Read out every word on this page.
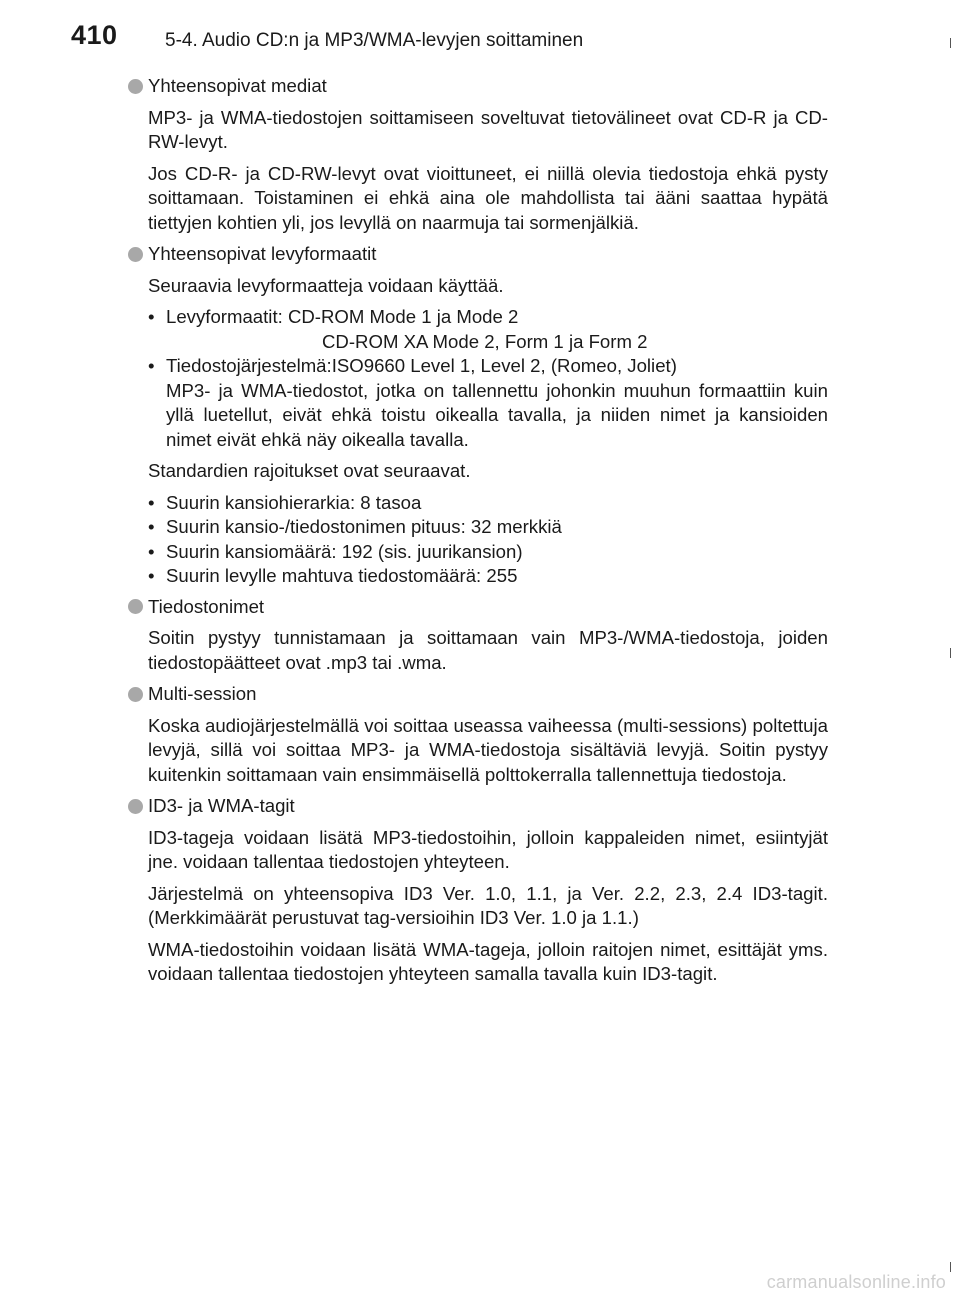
410 5-4. Audio CD:n ja MP3/WMA-levyjen soittaminen
Yhteensopivat mediat

MP3- ja WMA-tiedostojen soittamiseen soveltuvat tietovälineet ovat CD-R ja CD-RW-levyt.

Jos CD-R- ja CD-RW-levyt ovat vioittuneet, ei niillä olevia tiedostoja ehkä pysty soittamaan. Toistaminen ei ehkä aina ole mahdollista tai ääni saattaa hypätä tiettyjen kohtien yli, jos levyllä on naarmuja tai sormenjälkiä.

Yhteensopivat levyformaatit

Seuraavia levyformaatteja voidaan käyttää.

• Levyformaatit: CD-ROM Mode 1 ja Mode 2
CD-ROM XA Mode 2, Form 1 ja Form 2
• Tiedostojärjestelmä:ISO9660 Level 1, Level 2, (Romeo, Joliet)
MP3- ja WMA-tiedostot, jotka on tallennettu johonkin muuhun formaattiin kuin yllä luetellut, eivät ehkä toistu oikealla tavalla, ja niiden nimet ja kansioiden nimet eivät ehkä näy oikealla tavalla.

Standardien rajoitukset ovat seuraavat.

• Suurin kansiohierarkia: 8 tasoa
• Suurin kansio-/tiedostonimen pituus: 32 merkkiä
• Suurin kansiomäärä: 192 (sis. juurikansion)
• Suurin levylle mahtuva tiedostomäärä: 255
Tiedostonimet

Soitin pystyy tunnistamaan ja soittamaan vain MP3-/WMA-tiedostoja, joiden tiedostopäätteet ovat .mp3 tai .wma.

Multi-session

Koska audiojärjestelmällä voi soittaa useassa vaiheessa (multi-sessions) poltettuja levyjä, sillä voi soittaa MP3- ja WMA-tiedostoja sisältäviä levyjä. Soitin pystyy kuitenkin soittamaan vain ensimmäisellä polttokerralla tallennettuja tiedostoja.

ID3- ja WMA-tagit

ID3-tageja voidaan lisätä MP3-tiedostoihin, jolloin kappaleiden nimet, esiintyjät jne. voidaan tallentaa tiedostojen yhteyteen.

Järjestelmä on yhteensopiva ID3 Ver. 1.0, 1.1, ja Ver. 2.2, 2.3, 2.4 ID3-tagit. (Merkkimäärät perustuvat tag-versioihin ID3 Ver. 1.0 ja 1.1.)

WMA-tiedostoihin voidaan lisätä WMA-tageja, jolloin raitojen nimet, esittäjät yms. voidaan tallentaa tiedostojen yhteyteen samalla tavalla kuin ID3-tagit.

carmanualsonline.info
